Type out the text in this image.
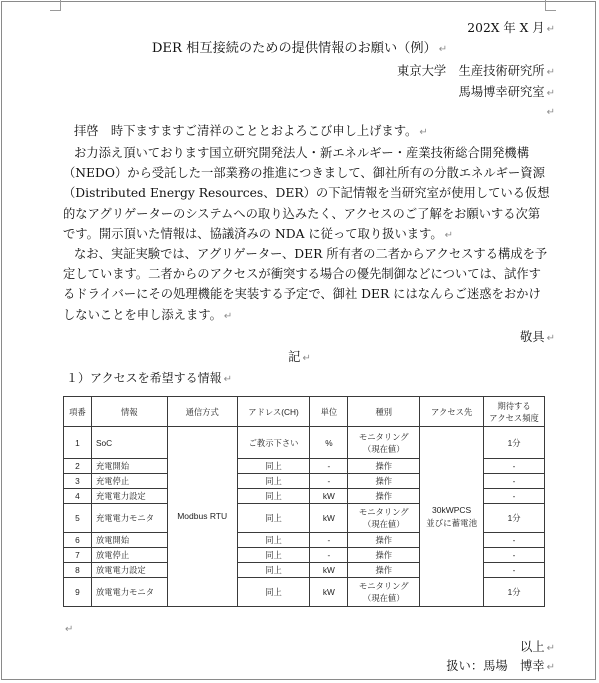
202X 年 X 月 ↵
DER 相互接続のための提供情報のお願い（例） ↵
東京大学　生産技術研究所 ↵
馬場博幸研究室 ↵
↵
拝啓　時下ますますご清祥のこととおよろこび申し上げます。 ↵
お力添え頂いております国立研究開発法人・新エネルギー・産業技術総合開発機構（NEDO）から受託した一部業務の推進につきまして、御社所有の分散エネルギー資源（Distributed Energy Resources、DER）の下記情報を当研究室が使用している仮想的なアグリゲーターのシステムへの取り込みたく、アクセスのご了解をお願いする次第です。開示頂いた情報は、協議済みの NDA に従って取り扱います。 ↵
なお、実証実験では、アグリゲーター、DER 所有者の二者からアクセスする構成を予定しています。二者からのアクセスが衝突する場合の優先制御などについては、試作するドライバーにその処理機能を実装する予定で、御社 DER にはなんらご迷惑をおかけしないことを申し添えます。 ↵
敬具 ↵
記 ↵
１）アクセスを希望する情報 ↵
項番	情報	通信方式	アドレス(CH)	単位	種別	アクセス先	期待する
アクセス頻度
1	SoC	Modbus RTU	ご教示下さい	%	モニタリング
（現在値）	30kWPCS
並びに蓄電池	1分
2	充電開始		同上	-	操作		-
3	充電停止		同上	-	操作		-
4	充電電力設定		同上	kW	操作		-
5	充電電力モニタ		同上	kW	モニタリング
（現在値）		1分
6	放電開始		同上	-	操作		-
7	放電停止		同上	-	操作		-
8	放電電力設定		同上	kW	操作		-
9	放電電力モニタ		同上	kW	モニタリング
（現在値）		1分
↵
以上 ↵
扱い：馬場　博幸 ↵
